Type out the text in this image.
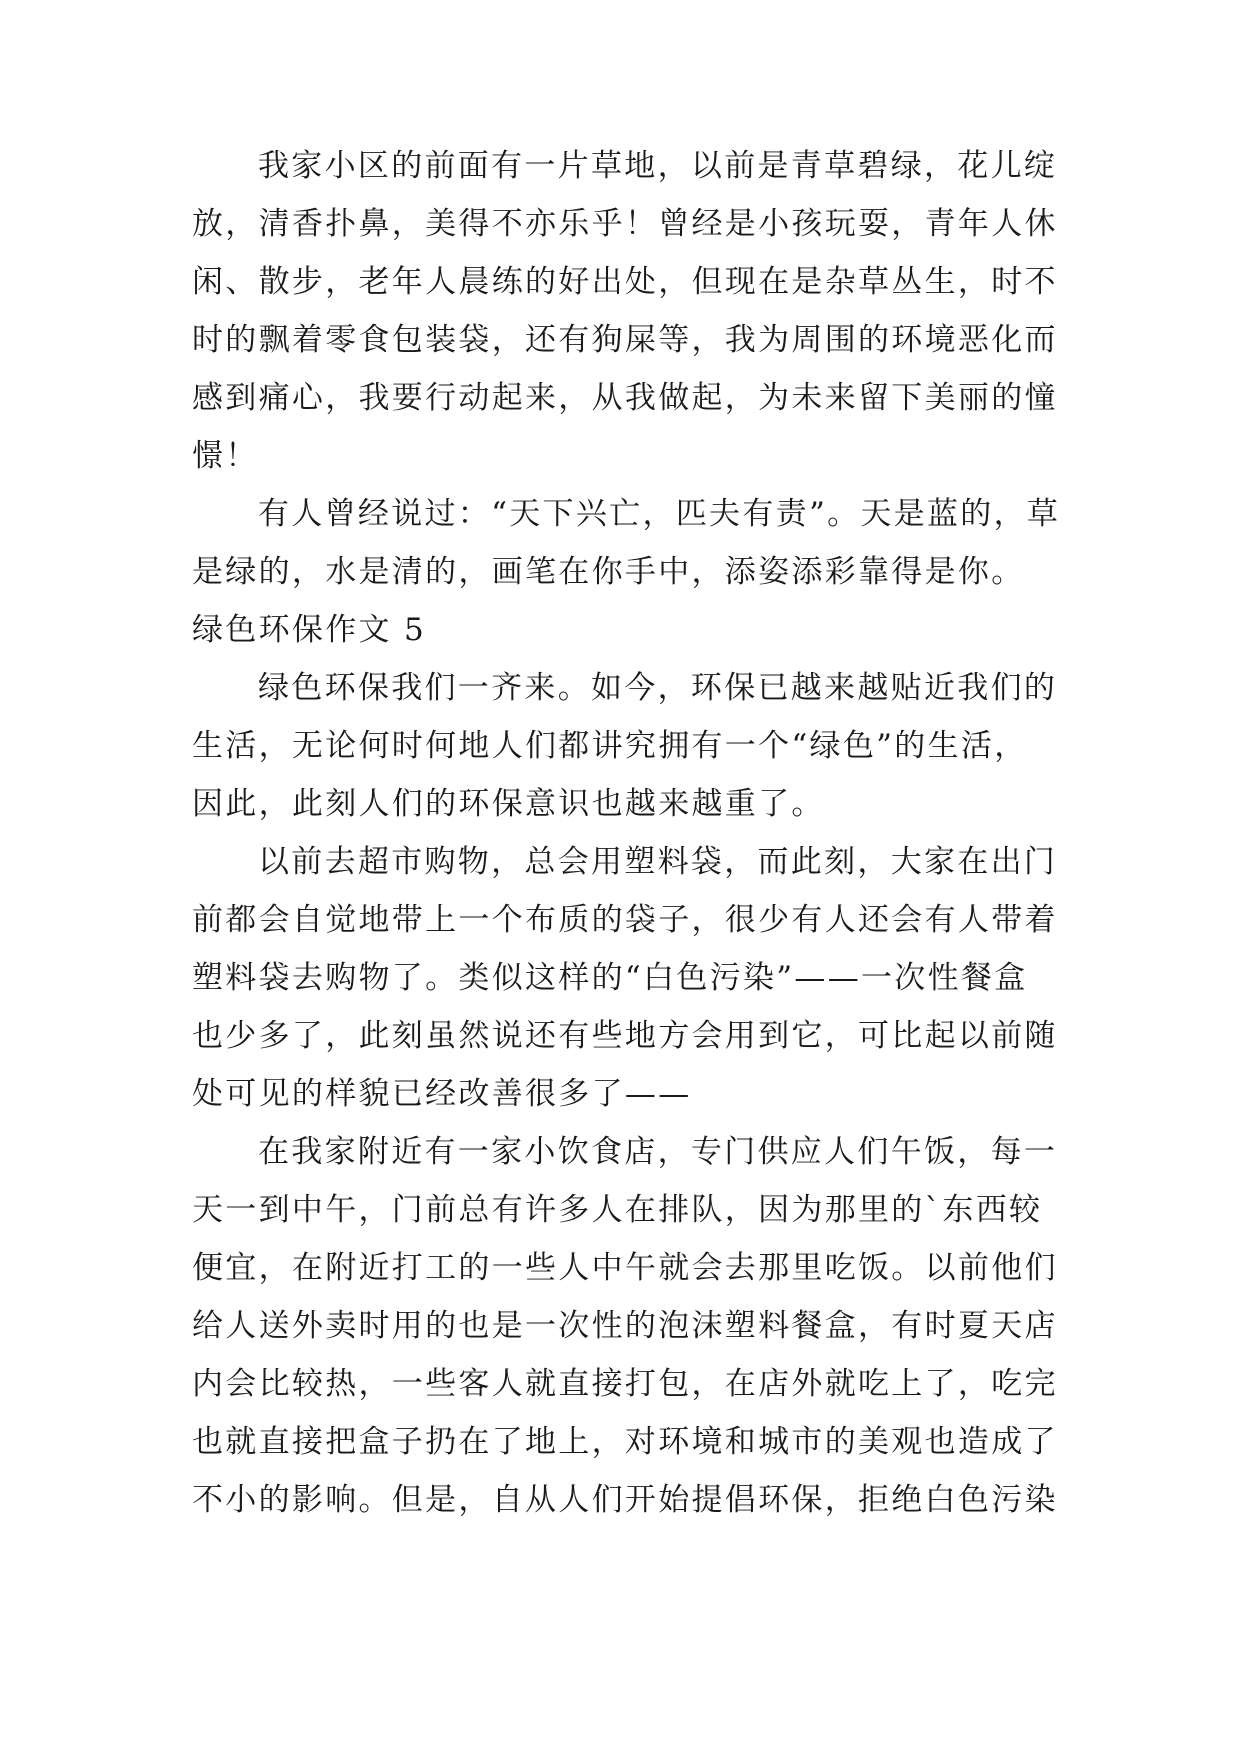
我家小区的前面有一片草地，以前是青草碧绿，花儿绽
放，清香扑鼻，美得不亦乐乎！曾经是小孩玩耍，青年人休
闲、散步，老年人晨练的好出处，但现在是杂草丛生，时不
时的飘着零食包装袋，还有狗屎等，我为周围的环境恶化而
感到痛心，我要行动起来，从我做起，为未来留下美丽的憧
憬！
有人曾经说过：“天下兴亡，匹夫有责”。天是蓝的，草
是绿的，水是清的，画笔在你手中，添姿添彩靠得是你。
绿色环保作文 5
绿色环保我们一齐来。如今，环保已越来越贴近我们的
生活，无论何时何地人们都讲究拥有一个“绿色”的生活，
因此，此刻人们的环保意识也越来越重了。
以前去超市购物，总会用塑料袋，而此刻，大家在出门
前都会自觉地带上一个布质的袋子，很少有人还会有人带着
塑料袋去购物了。类似这样的“白色污染”——一次性餐盒
也少多了，此刻虽然说还有些地方会用到它，可比起以前随
处可见的样貌已经改善很多了——
在我家附近有一家小饮食店，专门供应人们午饭，每一
天一到中午，门前总有许多人在排队，因为那里的`东西较
便宜，在附近打工的一些人中午就会去那里吃饭。以前他们
给人送外卖时用的也是一次性的泡沫塑料餐盒，有时夏天店
内会比较热，一些客人就直接打包，在店外就吃上了，吃完
也就直接把盒子扔在了地上，对环境和城市的美观也造成了
不小的影响。但是，自从人们开始提倡环保，拒绝白色污染
